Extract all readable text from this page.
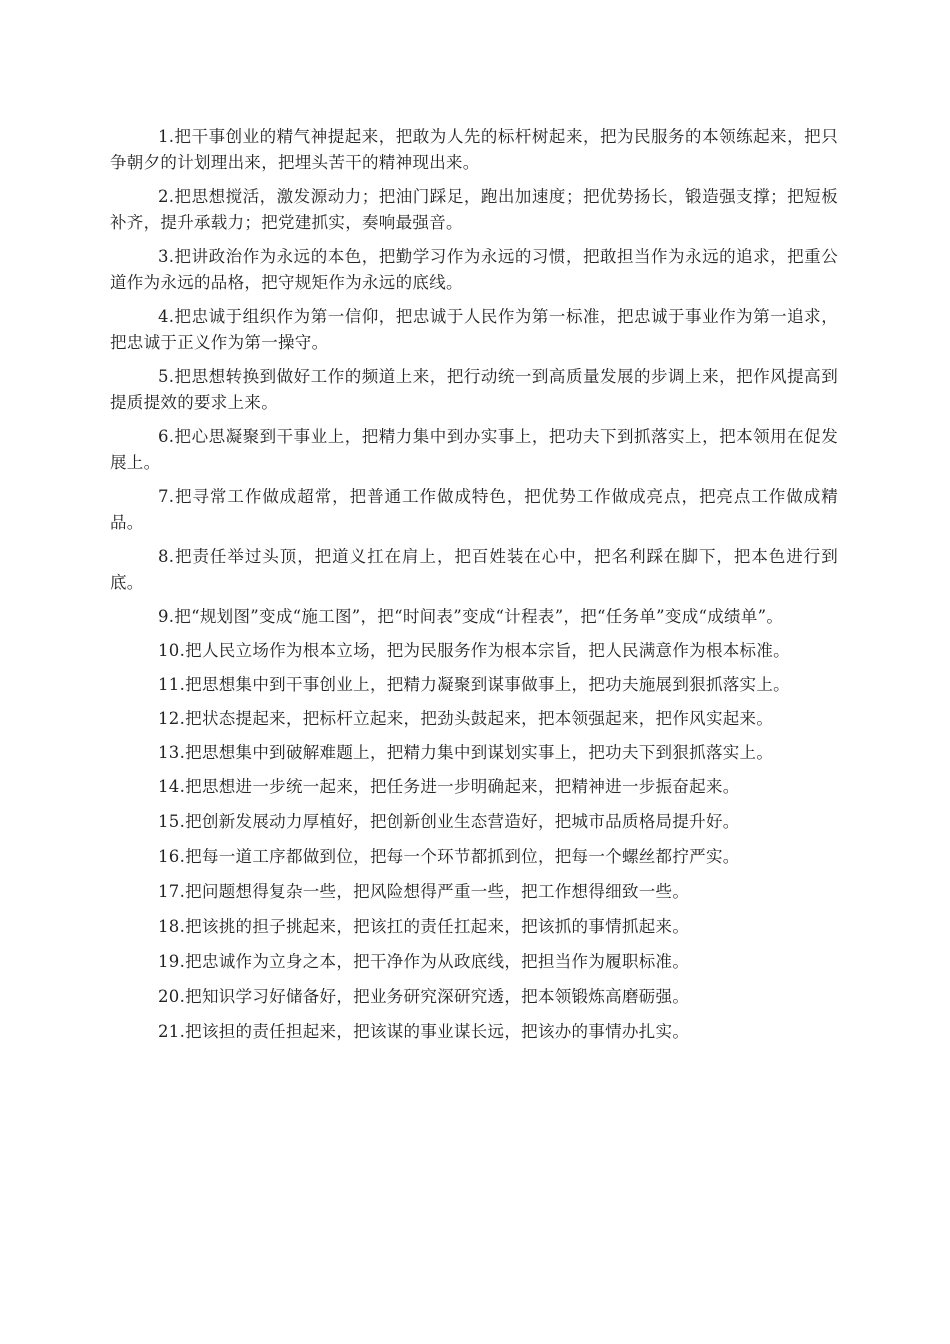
1.把干事创业的精气神提起来，把敢为人先的标杆树起来，把为民服务的本领练起来，把只争朝夕的计划理出来，把埋头苦干的精神现出来。

2.把思想搅活，激发源动力；把油门踩足，跑出加速度；把优势扬长，锻造强支撑；把短板补齐，提升承载力；把党建抓实，奏响最强音。

3.把讲政治作为永远的本色，把勤学习作为永远的习惯，把敢担当作为永远的追求，把重公道作为永远的品格，把守规矩作为永远的底线。

4.把忠诚于组织作为第一信仰，把忠诚于人民作为第一标准，把忠诚于事业作为第一追求，把忠诚于正义作为第一操守。

5.把思想转换到做好工作的频道上来，把行动统一到高质量发展的步调上来，把作风提高到提质提效的要求上来。

6.把心思凝聚到干事业上，把精力集中到办实事上，把功夫下到抓落实上，把本领用在促发展上。

7.把寻常工作做成超常，把普通工作做成特色，把优势工作做成亮点，把亮点工作做成精品。

8.把责任举过头顶，把道义扛在肩上，把百姓装在心中，把名利踩在脚下，把本色进行到底。

9.把“规划图”变成“施工图”，把“时间表”变成“计程表”，把“任务单”变成“成绩单”。

10.把人民立场作为根本立场，把为民服务作为根本宗旨，把人民满意作为根本标准。

11.把思想集中到干事创业上，把精力凝聚到谋事做事上，把功夫施展到狠抓落实上。

12.把状态提起来，把标杆立起来，把劲头鼓起来，把本领强起来，把作风实起来。

13.把思想集中到破解难题上，把精力集中到谋划实事上，把功夫下到狠抓落实上。

14.把思想进一步统一起来，把任务进一步明确起来，把精神进一步振奋起来。

15.把创新发展动力厚植好，把创新创业生态营造好，把城市品质格局提升好。

16.把每一道工序都做到位，把每一个环节都抓到位，把每一个螺丝都拧严实。

17.把问题想得复杂一些，把风险想得严重一些，把工作想得细致一些。

18.把该挑的担子挑起来，把该扛的责任扛起来，把该抓的事情抓起来。

19.把忠诚作为立身之本，把干净作为从政底线，把担当作为履职标准。

20.把知识学习好储备好，把业务研究深研究透，把本领锻炼高磨砺强。

21.把该担的责任担起来，把该谋的事业谋长远，把该办的事情办扎实。
